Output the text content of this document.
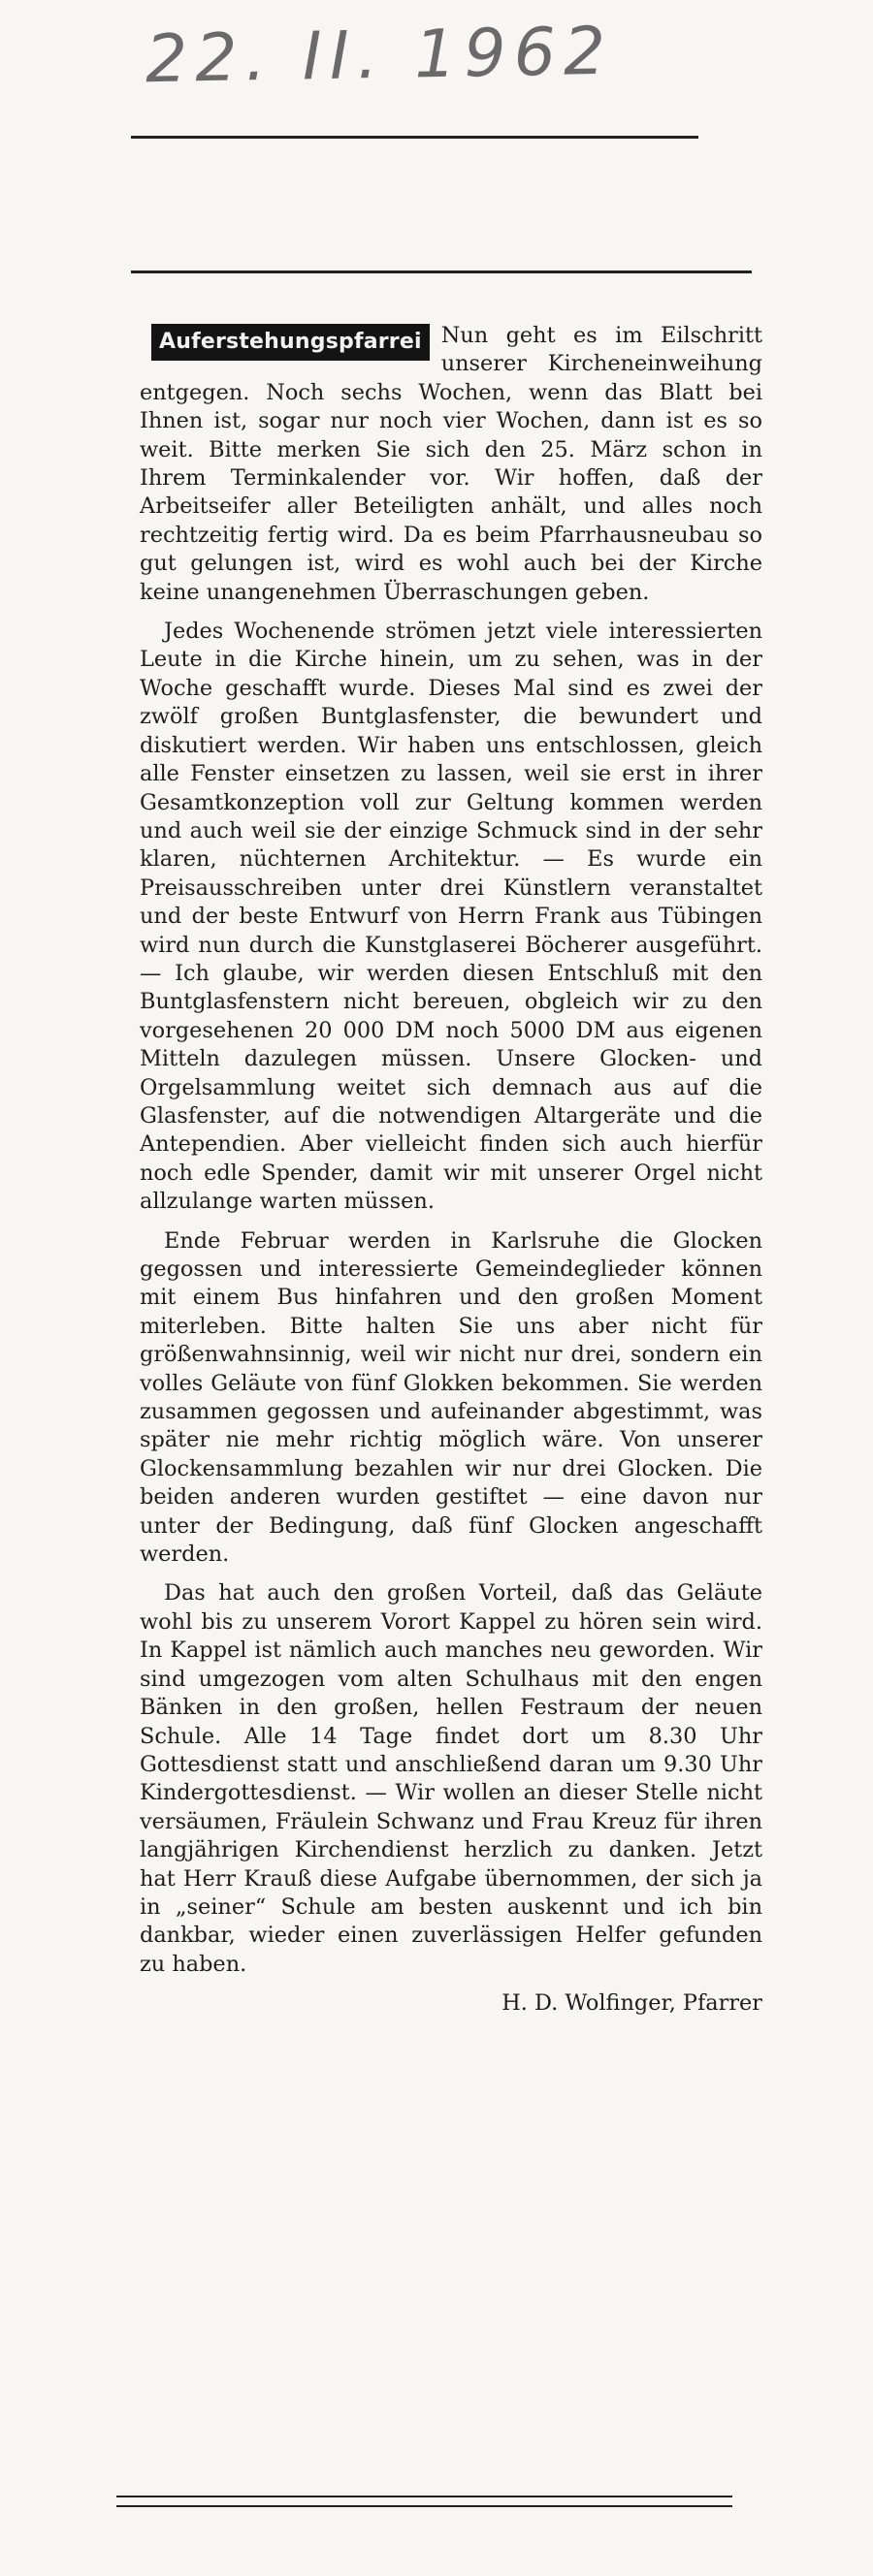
22. II. 1962

Auferstehungspfarrei Nun geht es im Eilschritt unserer Kircheneinweihung entgegen. Noch sechs Wochen, wenn das Blatt bei Ihnen ist, sogar nur noch vier Wochen, dann ist es so weit. Bitte merken Sie sich den 25. März schon in Ihrem Terminkalender vor. Wir hoffen, daß der Arbeitseifer aller Beteiligten anhält, und alles noch rechtzeitig fertig wird. Da es beim Pfarrhausneubau so gut gelungen ist, wird es wohl auch bei der Kirche keine unangenehmen Überraschungen geben.

Jedes Wochenende strömen jetzt viele interessierten Leute in die Kirche hinein, um zu sehen, was in der Woche geschafft wurde. Dieses Mal sind es zwei der zwölf großen Buntglasfenster, die bewundert und diskutiert werden. Wir haben uns entschlossen, gleich alle Fenster einsetzen zu lassen, weil sie erst in ihrer Gesamtkonzeption voll zur Geltung kommen werden und auch weil sie der einzige Schmuck sind in der sehr klaren, nüchternen Architektur. — Es wurde ein Preisausschreiben unter drei Künstlern veranstaltet und der beste Entwurf von Herrn Frank aus Tübingen wird nun durch die Kunstglaserei Böcherer ausgeführt. — Ich glaube, wir werden diesen Entschluß mit den Buntglasfenstern nicht bereuen, obgleich wir zu den vorgesehenen 20 000 DM noch 5000 DM aus eigenen Mitteln dazulegen müssen. Unsere Glocken- und Orgelsammlung weitet sich demnach aus auf die Glasfenster, auf die notwendigen Altargeräte und die Antependien. Aber vielleicht finden sich auch hierfür noch edle Spender, damit wir mit unserer Orgel nicht allzulange warten müssen.

Ende Februar werden in Karlsruhe die Glocken gegossen und interessierte Gemeindeglieder können mit einem Bus hinfahren und den großen Moment miterleben. Bitte halten Sie uns aber nicht für größenwahnsinnig, weil wir nicht nur drei, sondern ein volles Geläute von fünf Glokken bekommen. Sie werden zusammen gegossen und aufeinander abgestimmt, was später nie mehr richtig möglich wäre. Von unserer Glockensammlung bezahlen wir nur drei Glocken. Die beiden anderen wurden gestiftet — eine davon nur unter der Bedingung, daß fünf Glocken angeschafft werden.

Das hat auch den großen Vorteil, daß das Geläute wohl bis zu unserem Vorort Kappel zu hören sein wird. In Kappel ist nämlich auch manches neu geworden. Wir sind umgezogen vom alten Schulhaus mit den engen Bänken in den großen, hellen Festraum der neuen Schule. Alle 14 Tage findet dort um 8.30 Uhr Gottesdienst statt und anschließend daran um 9.30 Uhr Kindergottesdienst. — Wir wollen an dieser Stelle nicht versäumen, Fräulein Schwanz und Frau Kreuz für ihren langjährigen Kirchendienst herzlich zu danken. Jetzt hat Herr Krauß diese Aufgabe übernommen, der sich ja in „seiner“ Schule am besten auskennt und ich bin dankbar, wieder einen zuverlässigen Helfer gefunden zu haben.

H. D. Wolfinger, Pfarrer
